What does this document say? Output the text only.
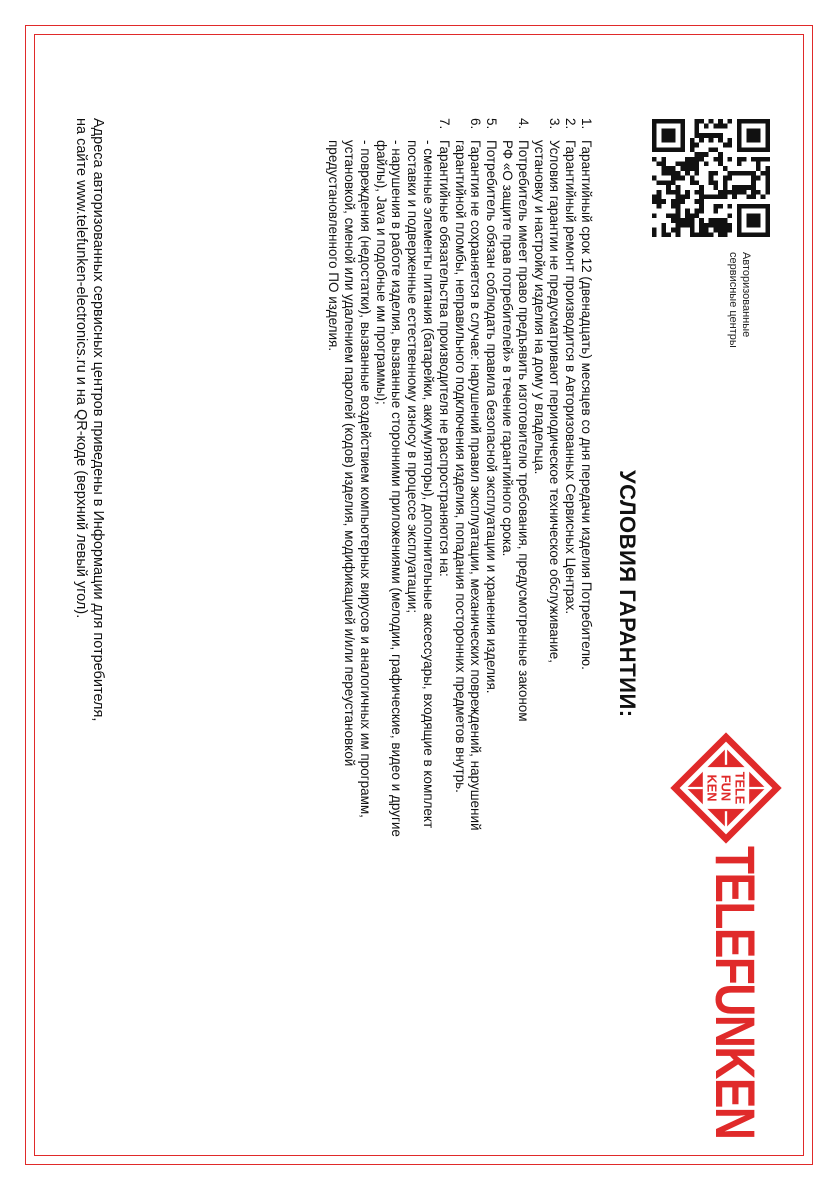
Авторизованные
сервисные центры
TELE
FUN
KEN
TELEFUNKEN
УСЛОВИЯ ГАРАНТИИ:
1.
Гарантийный срок 12 (двенадцать) месяцев со дня передачи изделия Потребителю.
2.
Гарантийный ремонт производится в Авторизованных Сервисных Центрах.
3.
Условия гарантии не предусматривают периодическое техническое обслуживание,
установку и настройку изделия на дому у владельца.
4.
Потребитель имеет право предъявить изготовителю требования, предусмотренные законом
РФ «О защите прав потребителей» в течение гарантийного срока.
5.
Потребитель обязан соблюдать правила безопасной эксплуатации и хранения изделия.
6.
Гарантия не сохраняется в случае: нарушений правил эксплуатации, механических повреждений, нарушений
гарантийной пломбы, неправильного подключения изделия, попадания посторонних предметов внутрь.
7.
Гарантийные обязательства производителя не распространяются на:
- сменные элементы питания (батарейки, аккумуляторы), дополнительные аксессуары, входящие в комплект
поставки и подверженные естественному износу в процессе эксплуатации;
- нарушения в работе изделия, вызванные сторонними приложениями (мелодии, графические, видео и другие
файлы), Java и подобные им программы);
- повреждения (недостатки), вызванные воздействием компьютерных вирусов и аналогичных им программ,
установкой, сменой или удалением паролей (кодов) изделия, модификацией и/или переустановкой
предустановленного ПО изделия.
Адреса авторизованных сервисных центров приведены в Информации для потребителя,
на сайте www.telefunken-electronics.ru и на QR-коде (верхний левый угол).
